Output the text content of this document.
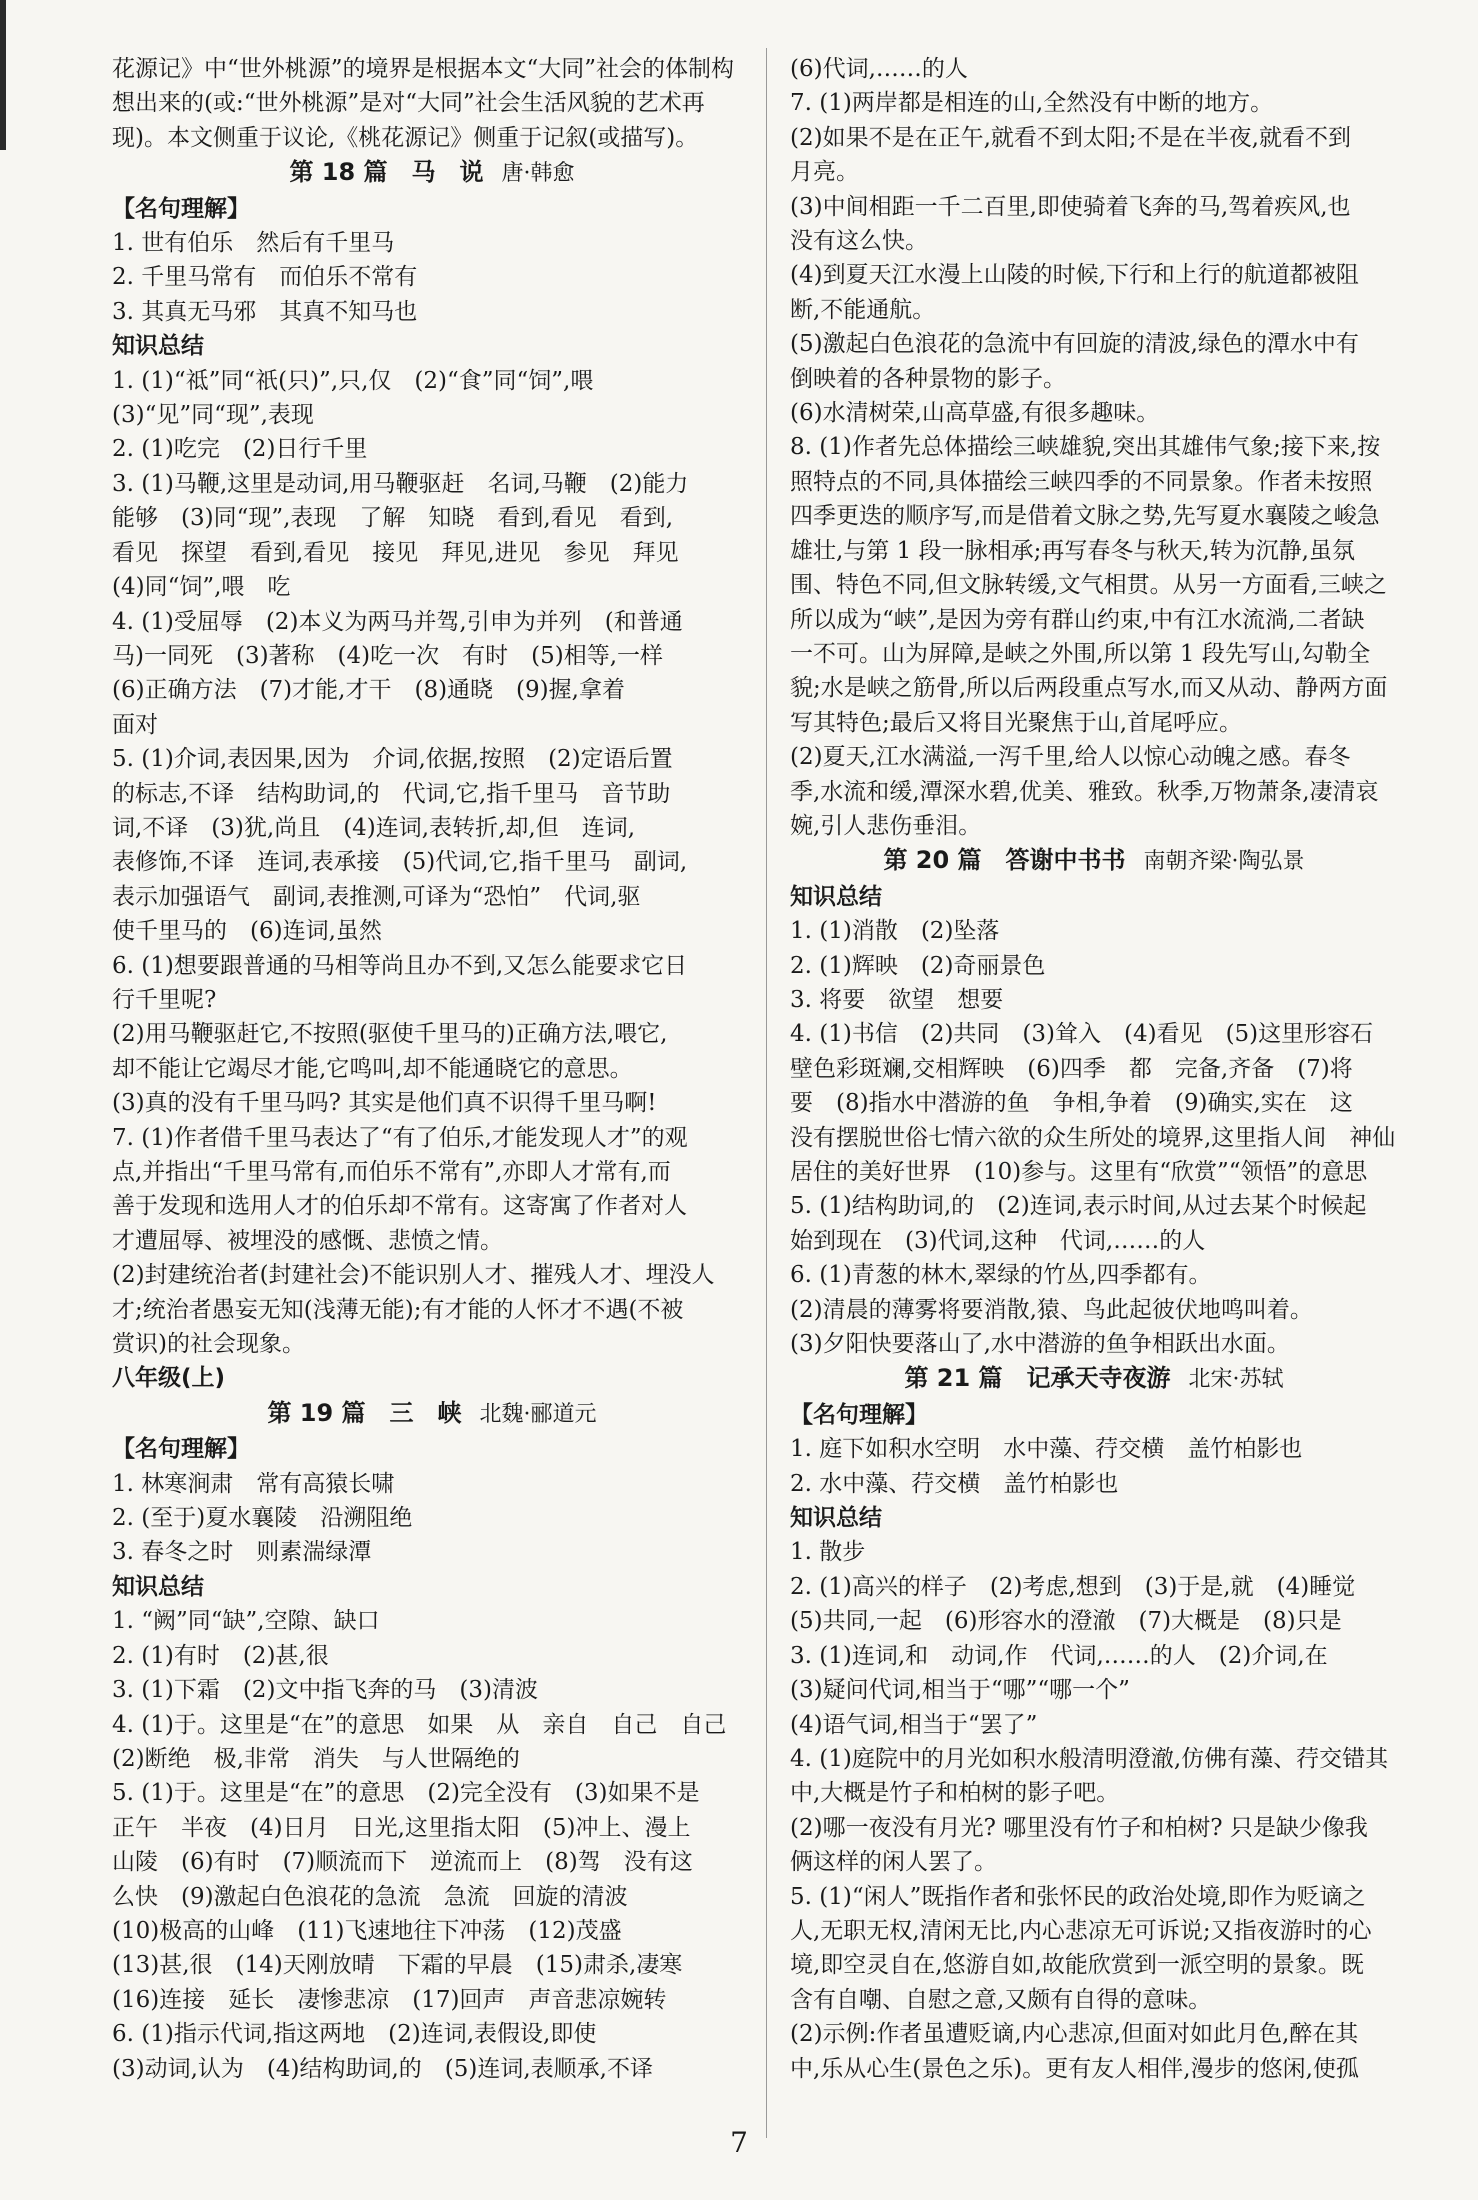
花源记》中“世外桃源”的境界是根据本文“大同”社会的体制构
想出来的(或:“世外桃源”是对“大同”社会生活风貌的艺术再
现)。本文侧重于议论,《桃花源记》侧重于记叙(或描写)。
第 18 篇　马　说 唐·韩愈
【名句理解】
1. 世有伯乐　然后有千里马
2. 千里马常有　而伯乐不常有
3. 其真无马邪　其真不知马也
知识总结
1. (1)“祗”同“祇(只)”,只,仅　(2)“食”同“饲”,喂
(3)“见”同“现”,表现
2. (1)吃完　(2)日行千里
3. (1)马鞭,这里是动词,用马鞭驱赶　名词,马鞭　(2)能力
能够　(3)同“现”,表现　了解　知晓　看到,看见　看到,
看见　探望　看到,看见　接见　拜见,进见　参见　拜见
(4)同“饲”,喂　吃
4. (1)受屈辱　(2)本义为两马并驾,引申为并列　(和普通
马)一同死　(3)著称　(4)吃一次　有时　(5)相等,一样
(6)正确方法　(7)才能,才干　(8)通晓　(9)握,拿着
面对
5. (1)介词,表因果,因为　介词,依据,按照　(2)定语后置
的标志,不译　结构助词,的　代词,它,指千里马　音节助
词,不译　(3)犹,尚且　(4)连词,表转折,却,但　连词,
表修饰,不译　连词,表承接　(5)代词,它,指千里马　副词,
表示加强语气　副词,表推测,可译为“恐怕”　代词,驱
使千里马的　(6)连词,虽然
6. (1)想要跟普通的马相等尚且办不到,又怎么能要求它日
行千里呢?
(2)用马鞭驱赶它,不按照(驱使千里马的)正确方法,喂它,
却不能让它竭尽才能,它鸣叫,却不能通晓它的意思。
(3)真的没有千里马吗? 其实是他们真不识得千里马啊!
7. (1)作者借千里马表达了“有了伯乐,才能发现人才”的观
点,并指出“千里马常有,而伯乐不常有”,亦即人才常有,而
善于发现和选用人才的伯乐却不常有。这寄寓了作者对人
才遭屈辱、被埋没的感慨、悲愤之情。
(2)封建统治者(封建社会)不能识别人才、摧残人才、埋没人
才;统治者愚妄无知(浅薄无能);有才能的人怀才不遇(不被
赏识)的社会现象。
八年级(上)
第 19 篇　三　峡 北魏·郦道元
【名句理解】
1. 林寒涧肃　常有高猿长啸
2. (至于)夏水襄陵　沿溯阻绝
3. 春冬之时　则素湍绿潭
知识总结
1. “阙”同“缺”,空隙、缺口
2. (1)有时　(2)甚,很
3. (1)下霜　(2)文中指飞奔的马　(3)清波
4. (1)于。这里是“在”的意思　如果　从　亲自　自己　自己
(2)断绝　极,非常　消失　与人世隔绝的
5. (1)于。这里是“在”的意思　(2)完全没有　(3)如果不是
正午　半夜　(4)日月　日光,这里指太阳　(5)冲上、漫上
山陵　(6)有时　(7)顺流而下　逆流而上　(8)驾　没有这
么快　(9)激起白色浪花的急流　急流　回旋的清波
(10)极高的山峰　(11)飞速地往下冲荡　(12)茂盛
(13)甚,很　(14)天刚放晴　下霜的早晨　(15)肃杀,凄寒
(16)连接　延长　凄惨悲凉　(17)回声　声音悲凉婉转
6. (1)指示代词,指这两地　(2)连词,表假设,即使
(3)动词,认为　(4)结构助词,的　(5)连词,表顺承,不译
(6)代词,……的人
7. (1)两岸都是相连的山,全然没有中断的地方。
(2)如果不是在正午,就看不到太阳;不是在半夜,就看不到
月亮。
(3)中间相距一千二百里,即使骑着飞奔的马,驾着疾风,也
没有这么快。
(4)到夏天江水漫上山陵的时候,下行和上行的航道都被阻
断,不能通航。
(5)激起白色浪花的急流中有回旋的清波,绿色的潭水中有
倒映着的各种景物的影子。
(6)水清树荣,山高草盛,有很多趣味。
8. (1)作者先总体描绘三峡雄貌,突出其雄伟气象;接下来,按
照特点的不同,具体描绘三峡四季的不同景象。作者未按照
四季更迭的顺序写,而是借着文脉之势,先写夏水襄陵之峻急
雄壮,与第 1 段一脉相承;再写春冬与秋天,转为沉静,虽氛
围、特色不同,但文脉转缓,文气相贯。从另一方面看,三峡之
所以成为“峡”,是因为旁有群山约束,中有江水流淌,二者缺
一不可。山为屏障,是峡之外围,所以第 1 段先写山,勾勒全
貌;水是峡之筋骨,所以后两段重点写水,而又从动、静两方面
写其特色;最后又将目光聚焦于山,首尾呼应。
(2)夏天,江水满溢,一泻千里,给人以惊心动魄之感。春冬
季,水流和缓,潭深水碧,优美、雅致。秋季,万物萧条,凄清哀
婉,引人悲伤垂泪。
第 20 篇　答谢中书书 南朝齐梁·陶弘景
知识总结
1. (1)消散　(2)坠落
2. (1)辉映　(2)奇丽景色
3. 将要　欲望　想要
4. (1)书信　(2)共同　(3)耸入　(4)看见　(5)这里形容石
壁色彩斑斓,交相辉映　(6)四季　都　完备,齐备　(7)将
要　(8)指水中潜游的鱼　争相,争着　(9)确实,实在　这
没有摆脱世俗七情六欲的众生所处的境界,这里指人间　神仙
居住的美好世界　(10)参与。这里有“欣赏”“领悟”的意思
5. (1)结构助词,的　(2)连词,表示时间,从过去某个时候起
始到现在　(3)代词,这种　代词,……的人
6. (1)青葱的林木,翠绿的竹丛,四季都有。
(2)清晨的薄雾将要消散,猿、鸟此起彼伏地鸣叫着。
(3)夕阳快要落山了,水中潜游的鱼争相跃出水面。
第 21 篇　记承天寺夜游 北宋·苏轼
【名句理解】
1. 庭下如积水空明　水中藻、荇交横　盖竹柏影也
2. 水中藻、荇交横　盖竹柏影也
知识总结
1. 散步
2. (1)高兴的样子　(2)考虑,想到　(3)于是,就　(4)睡觉
(5)共同,一起　(6)形容水的澄澈　(7)大概是　(8)只是
3. (1)连词,和　动词,作　代词,……的人　(2)介词,在
(3)疑问代词,相当于“哪”“哪一个”
(4)语气词,相当于“罢了”
4. (1)庭院中的月光如积水般清明澄澈,仿佛有藻、荇交错其
中,大概是竹子和柏树的影子吧。
(2)哪一夜没有月光? 哪里没有竹子和柏树? 只是缺少像我
俩这样的闲人罢了。
5. (1)“闲人”既指作者和张怀民的政治处境,即作为贬谪之
人,无职无权,清闲无比,内心悲凉无可诉说;又指夜游时的心
境,即空灵自在,悠游自如,故能欣赏到一派空明的景象。既
含有自嘲、自慰之意,又颇有自得的意味。
(2)示例:作者虽遭贬谪,内心悲凉,但面对如此月色,醉在其
中,乐从心生(景色之乐)。更有友人相伴,漫步的悠闲,使孤
7
